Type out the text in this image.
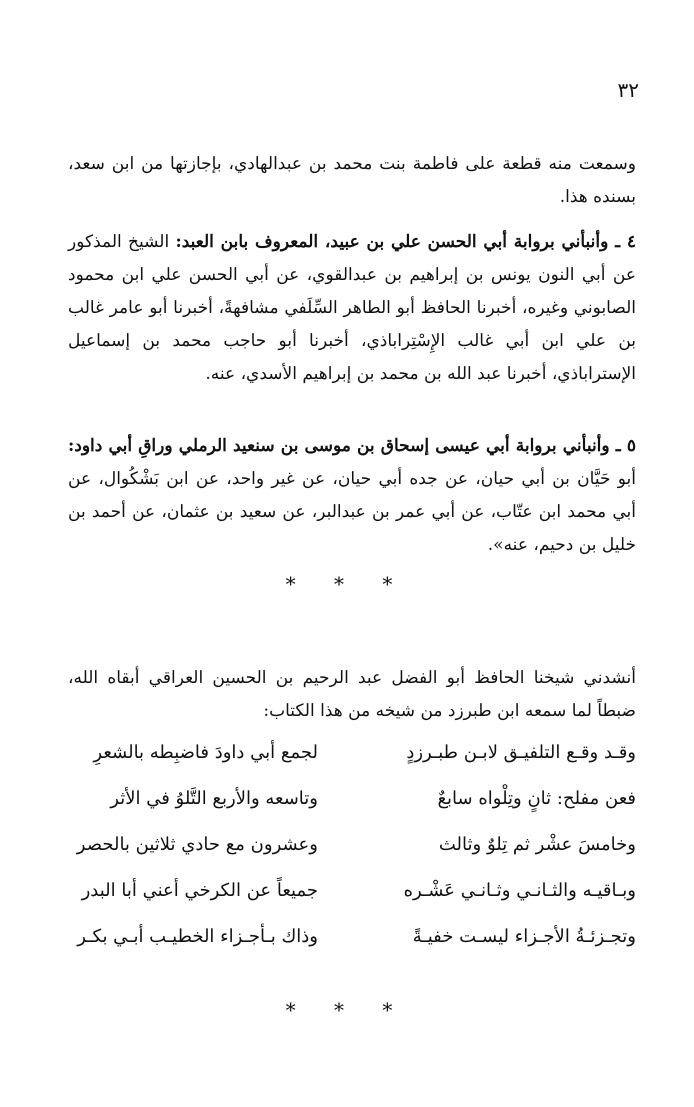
٣٢

وسمعت منه قطعة على فاطمة بنت محمد بن عبدالهادي، بإجازتها من ابن سعد، بسنده هذا.

٤ ـ وأنبأني بروابة أبي الحسن علي بن عبيد، المعروف بابن العبد: الشيخ المذكور عن أبي النون يونس بن إبراهيم بن عبدالقوي، عن أبي الحسن علي ابن محمود الصابوني وغيره، أخبرنا الحافظ أبو الطاهر السِّلَفي مشافهةً، أخبرنا أبو عامر غالب بن علي ابن أبي غالب الإِسْتِراباذي، أخبرنا أبو حاجب محمد بن إسماعيل الإستراباذي، أخبرنا عبد الله بن محمد بن إبراهيم الأسدي، عنه.

٥ ـ وأنبأني بروابة أبي عيسى إسحاق بن موسى بن سنعيد الرملي وراقِ أبي داود: أبو حَيَّان بن أبي حيان، عن جده أبي حيان، عن غير واحد، عن ابن بَشْكُوال، عن أبي محمد ابن عتّاب، عن أبي عمر بن عبدالبر، عن سعيد بن عثمان، عن أحمد بن خليل بن دحيم، عنه».

* * *

أنشدني شيخنا الحافظ أبو الفضل عبد الرحيم بن الحسين العراقي أبقاه الله، ضبطاً لما سمعه ابن طبرزد من شيخه من هذا الكتاب:

وقـد وقـع التلفيـق لابـن طبـرزدٍ
لجمع أبي داودَ فاضبِطه بالشعرِ
فعن مفلح: ثانٍ وتِلْواه سابعٌ
وتاسعه والأربع التَّلوُ في الأثر
وخامسَ عشْر ثم تِلوٌ وثالث
وعشرون مع حادي ثلاثين بالحصر
وبـاقيـه والثـانـي وثـانـي عَشْـره
جميعاً عن الكرخي أعني أبا البدر
وتجـزئـةُ الأجـزاء ليسـت خفيـةً
وذاك بـأجـزاء الخطيـب أبـي بكـر
* * *
